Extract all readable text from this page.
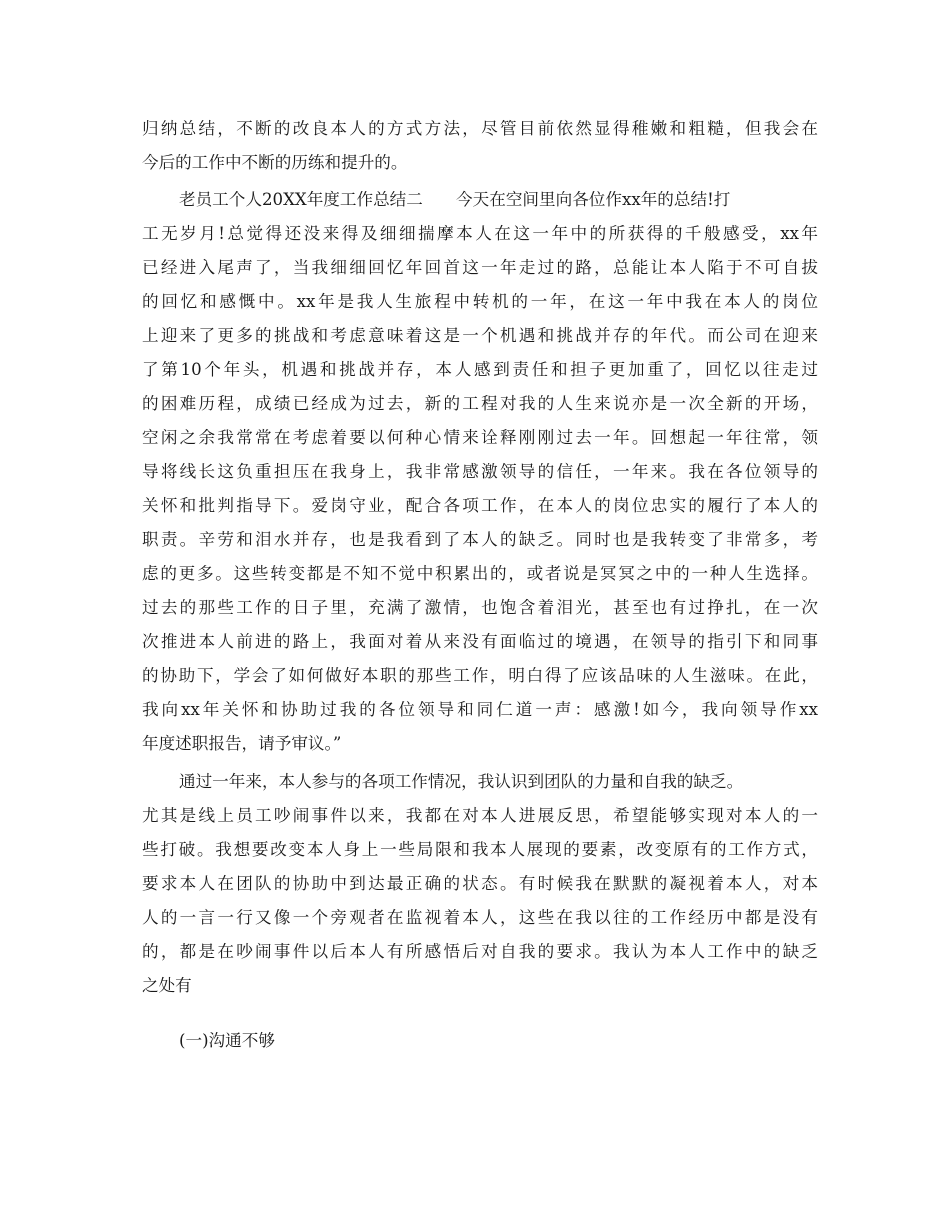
归纳总结，不断的改良本人的方式方法，尽管目前依然显得稚嫩和粗糙，但我会在
今后的工作中不断的历练和提升的。
老员工个人20XX年度工作总结二　　今天在空间里向各位作xx年的总结!打
工无岁月!总觉得还没来得及细细揣摩本人在这一年中的所获得的千般感受，xx年
已经进入尾声了，当我细细回忆年回首这一年走过的路，总能让本人陷于不可自拔
的回忆和感慨中。xx年是我人生旅程中转机的一年，在这一年中我在本人的岗位
上迎来了更多的挑战和考虑意味着这是一个机遇和挑战并存的年代。而公司在迎来
了第10个年头，机遇和挑战并存，本人感到责任和担子更加重了，回忆以往走过
的困难历程，成绩已经成为过去，新的工程对我的人生来说亦是一次全新的开场，
空闲之余我常常在考虑着要以何种心情来诠释刚刚过去一年。回想起一年往常，领
导将线长这负重担压在我身上，我非常感激领导的信任，一年来。我在各位领导的
关怀和批判指导下。爱岗守业，配合各项工作，在本人的岗位忠实的履行了本人的
职责。辛劳和泪水并存，也是我看到了本人的缺乏。同时也是我转变了非常多，考
虑的更多。这些转变都是不知不觉中积累出的，或者说是冥冥之中的一种人生选择。
过去的那些工作的日子里，充满了激情，也饱含着泪光，甚至也有过挣扎，在一次
次推进本人前进的路上，我面对着从来没有面临过的境遇，在领导的指引下和同事
的协助下，学会了如何做好本职的那些工作，明白得了应该品味的人生滋味。在此，
我向xx年关怀和协助过我的各位领导和同仁道一声：感激!如今，我向领导作xx
年度述职报告，请予审议。”
通过一年来，本人参与的各项工作情况，我认识到团队的力量和自我的缺乏。
尤其是线上员工吵闹事件以来，我都在对本人进展反思，希望能够实现对本人的一
些打破。我想要改变本人身上一些局限和我本人展现的要素，改变原有的工作方式，
要求本人在团队的协助中到达最正确的状态。有时候我在默默的凝视着本人，对本
人的一言一行又像一个旁观者在监视着本人，这些在我以往的工作经历中都是没有
的，都是在吵闹事件以后本人有所感悟后对自我的要求。我认为本人工作中的缺乏
之处有
(一)沟通不够
